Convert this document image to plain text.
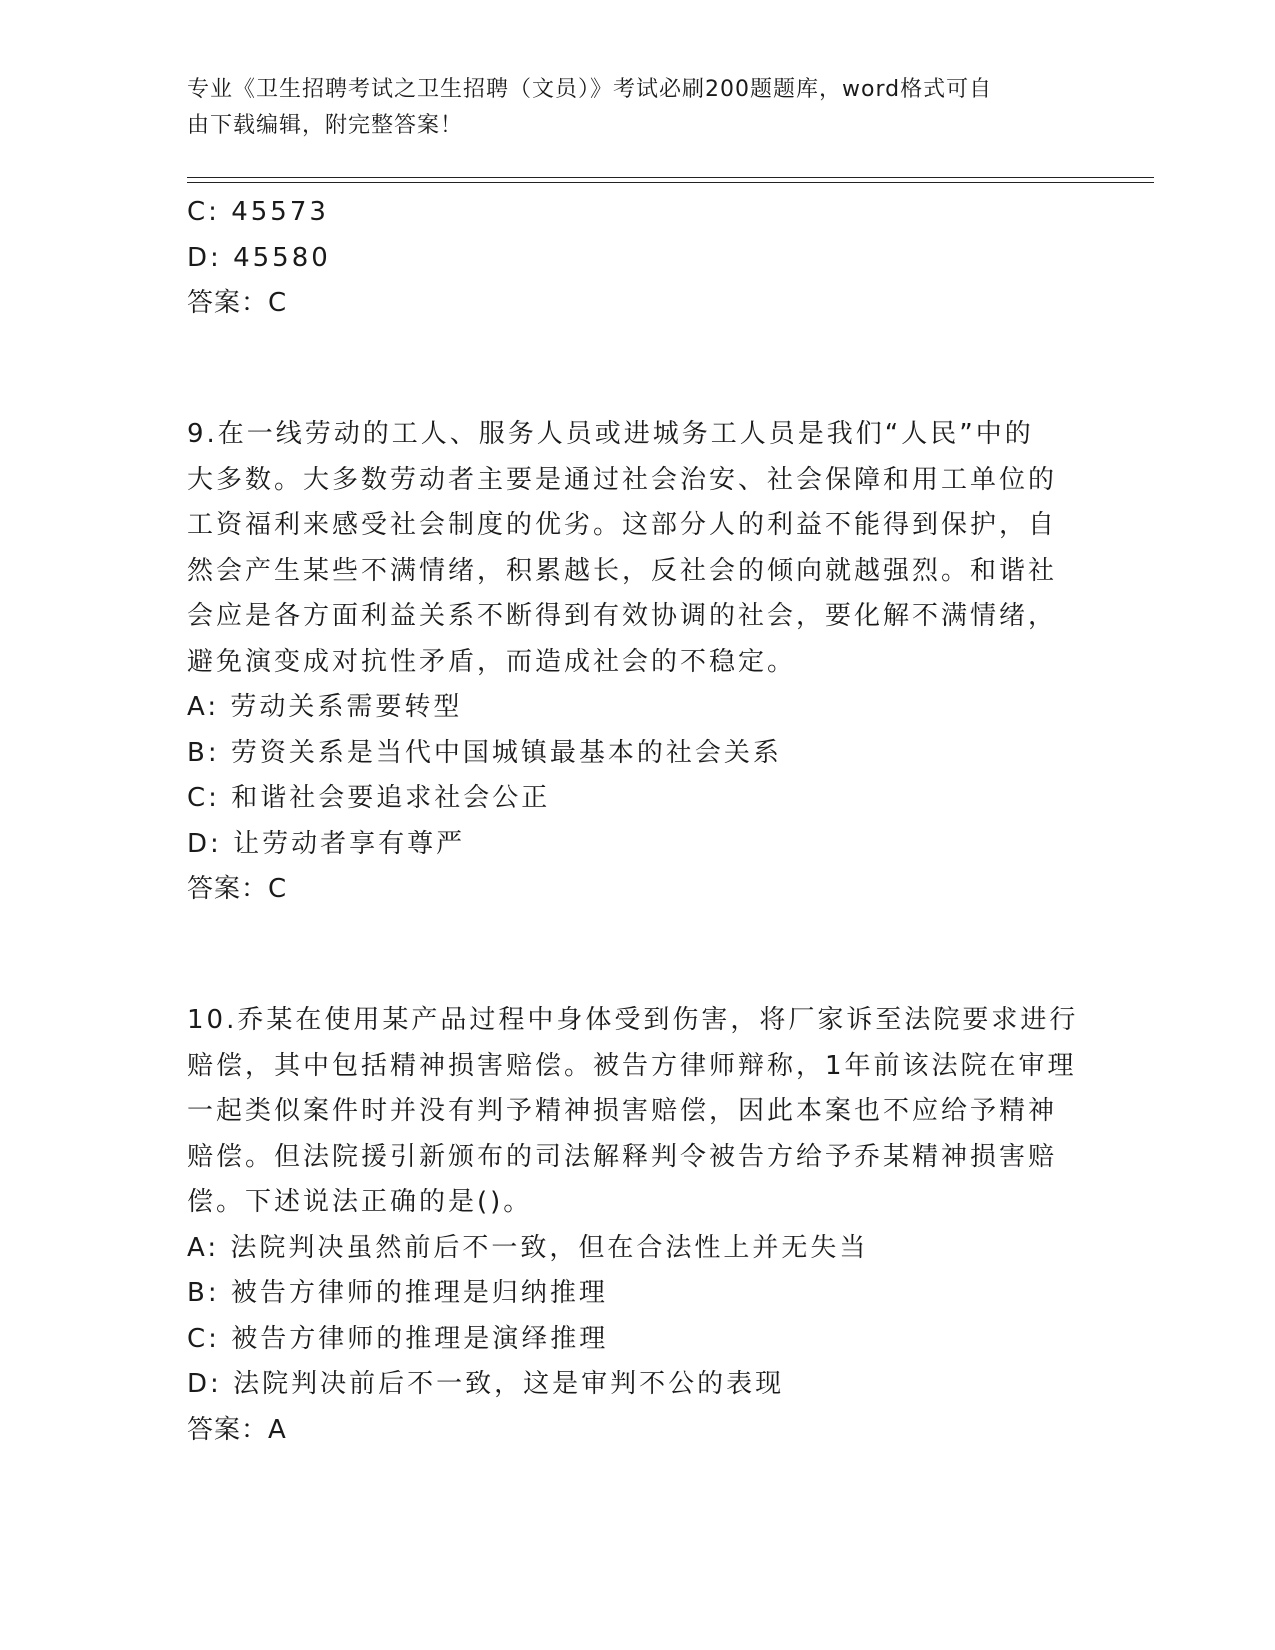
专业《卫生招聘考试之卫生招聘（文员）》考试必刷200题题库，word格式可自
由下载编辑，附完整答案！
C: 45573
D: 45580
答案：C
9.在一线劳动的工人、服务人员或进城务工人员是我们“人民”中的
大多数。大多数劳动者主要是通过社会治安、社会保障和用工单位的
工资福利来感受社会制度的优劣。这部分人的利益不能得到保护，自
然会产生某些不满情绪，积累越长，反社会的倾向就越强烈。和谐社
会应是各方面利益关系不断得到有效协调的社会，要化解不满情绪，
避免演变成对抗性矛盾，而造成社会的不稳定。
A: 劳动关系需要转型
B: 劳资关系是当代中国城镇最基本的社会关系
C: 和谐社会要追求社会公正
D: 让劳动者享有尊严
答案：C
10.乔某在使用某产品过程中身体受到伤害，将厂家诉至法院要求进行
赔偿，其中包括精神损害赔偿。被告方律师辩称，1年前该法院在审理
一起类似案件时并没有判予精神损害赔偿，因此本案也不应给予精神
赔偿。但法院援引新颁布的司法解释判令被告方给予乔某精神损害赔
偿。下述说法正确的是()。
A: 法院判决虽然前后不一致，但在合法性上并无失当
B: 被告方律师的推理是归纳推理
C: 被告方律师的推理是演绎推理
D: 法院判决前后不一致，这是审判不公的表现
答案：A
